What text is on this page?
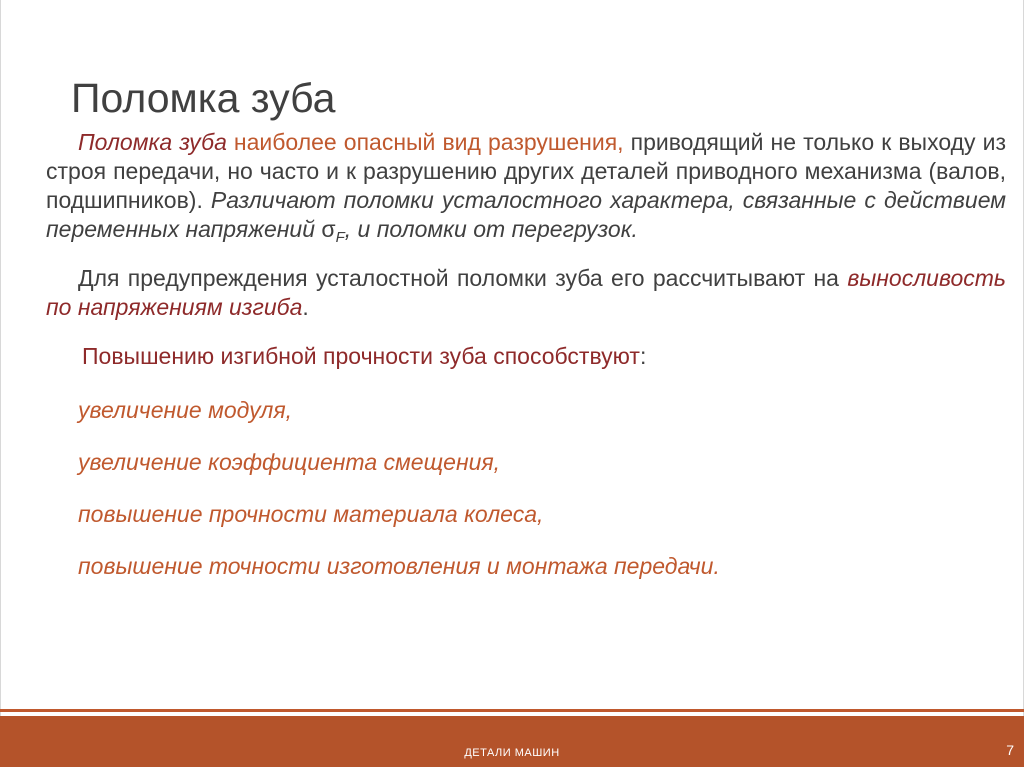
Поломка зуба

Поломка зуба наиболее опасный вид разрушения, приводящий не только к выходу из строя передачи, но часто и к разрушению других деталей приводного механизма (валов, подшипников). Различают поломки усталостного характера, связанные с действием переменных напряжений $\sigma_F$, и поломки от перегрузок.

Для предупреждения усталостной поломки зуба его рассчитывают на выносливость по напряжениям изгиба.

Повышению изгибной прочности зуба способствуют:

увеличение модуля,

увеличение коэффициента смещения,

повышение прочности материала колеса,

повышение точности изготовления и монтажа передачи.

ДЕТАЛИ МАШИН	7
